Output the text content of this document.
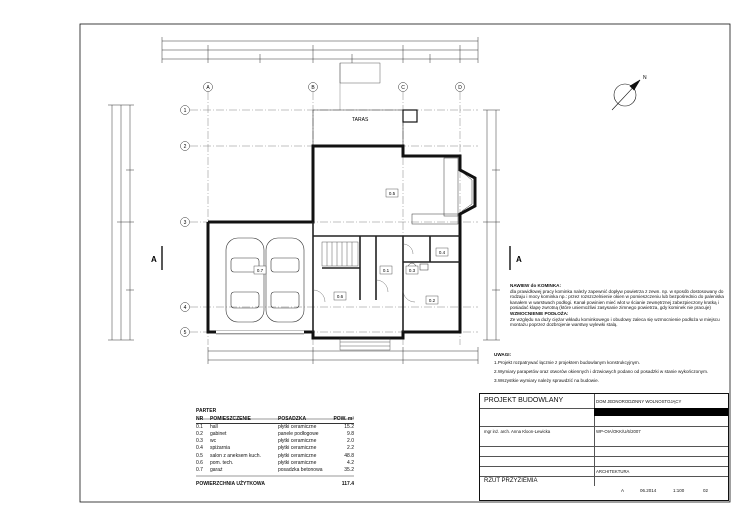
A	B	C	D
1
2
3
4
5
TARAS
0.5
0.1
0.2
0.3
0.4
0.6
0.7
A	A
N
NAWIEW do KOMINKA:
dla prawidłowej pracy kominka należy zapewnić dopływ powietrza z zewn. np. w sposób dostosowany do rodzaju i mocy kominka np.: przez rozszczelnienie okien w pomieszczeniu lub bezpośrednio do paleniska kanałem w warstwach podłogi. Kanał powinien mieć wlot w ścianie zewnętrznej zabezpieczony kratką i posiadać klapę zwrotną (które uniemożliwi zasysanie zimnego powietrza, gdy kominek nie pracuje)
WZMOCNIENIE PODŁOŻA:
Ze względu na duży ciężar wkładu kominkowego i obudowy zaleca się wzmocnienie podłoża w miejscu montażu poprzez dozbrojenie warstwy wylewki stalą.
UWAGI:
1.Projekt rozpatrywać łącznie z projektem budowlanym konstrukcyjnym.
2.Wymiary parapetów oraz otworów okiennych i drzwiowych podano od posadzki w stanie wykończonym.
3.Wszystkie wymiary należy sprawdzić na budowie.
PARTER
NR	POMIESZCZENIE	POSADZKA	POW. m²
0.1	hall	płytki ceramiczne	15.2
0.2	gabinet	panele podłogowe	9.8
0.3	wc	płytki ceramiczne	2.0
0.4	spiżarnia	płytki ceramiczne	2.2
0.5	salon z aneksem kuch.	płytki ceramiczne	48.8
0.6	pom. tech.	płytki ceramiczne	4.2
0.7	garaż	posadzka betonowa	35.2
POWIERZCHNIA UŻYTKOWA	117.4
PROJEKT BUDOWLANY	DOM JEDNORODZINNY WOLNOSTOJĄCY
mgr inż. arch. Anna Kloon-Lewicka	WP-OIA/OKK/U/6/2007
ARCHITEKTURA
RZUT PRZYZIEMIA
A	06.2014	1:100	02
